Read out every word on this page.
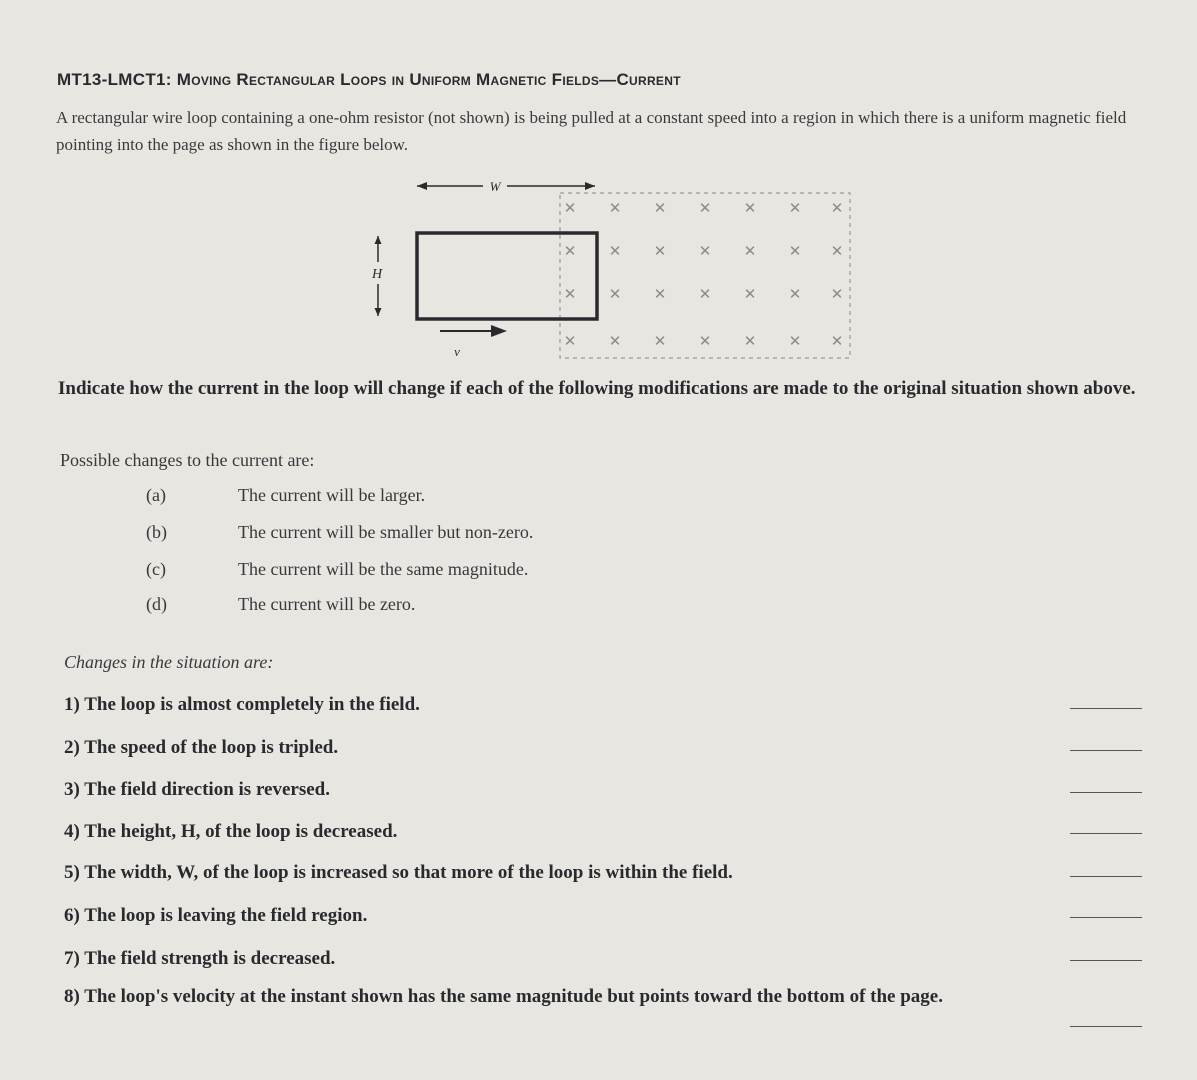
MT13-LMCT1: Moving Rectangular Loops in Uniform Magnetic Fields—Current
A rectangular wire loop containing a one-ohm resistor (not shown) is being pulled at a constant speed into a region in which there is a uniform magnetic field pointing into the page as shown in the figure below.
✕ ✕ ✕ ✕ ✕ ✕ ✕
✕ ✕ ✕ ✕ ✕ ✕ ✕
✕ ✕ ✕ ✕ ✕ ✕ ✕
✕ ✕ ✕ ✕ ✕ ✕ ✕
W
H
v
Indicate how the current in the loop will change if each of the following modifications are made to the original situation shown above.
Possible changes to the current are:
(a)	The current will be larger.
(b)	The current will be smaller but non-zero.
(c)	The current will be the same magnitude.
(d)	The current will be zero.
Changes in the situation are:
1) The loop is almost completely in the field.
2) The speed of the loop is tripled.
3) The field direction is reversed.
4) The height, H, of the loop is decreased.
5) The width, W, of the loop is increased so that more of the loop is within the field.
6) The loop is leaving the field region.
7) The field strength is decreased.
8) The loop's velocity at the instant shown has the same magnitude but points toward the bottom of the page.
